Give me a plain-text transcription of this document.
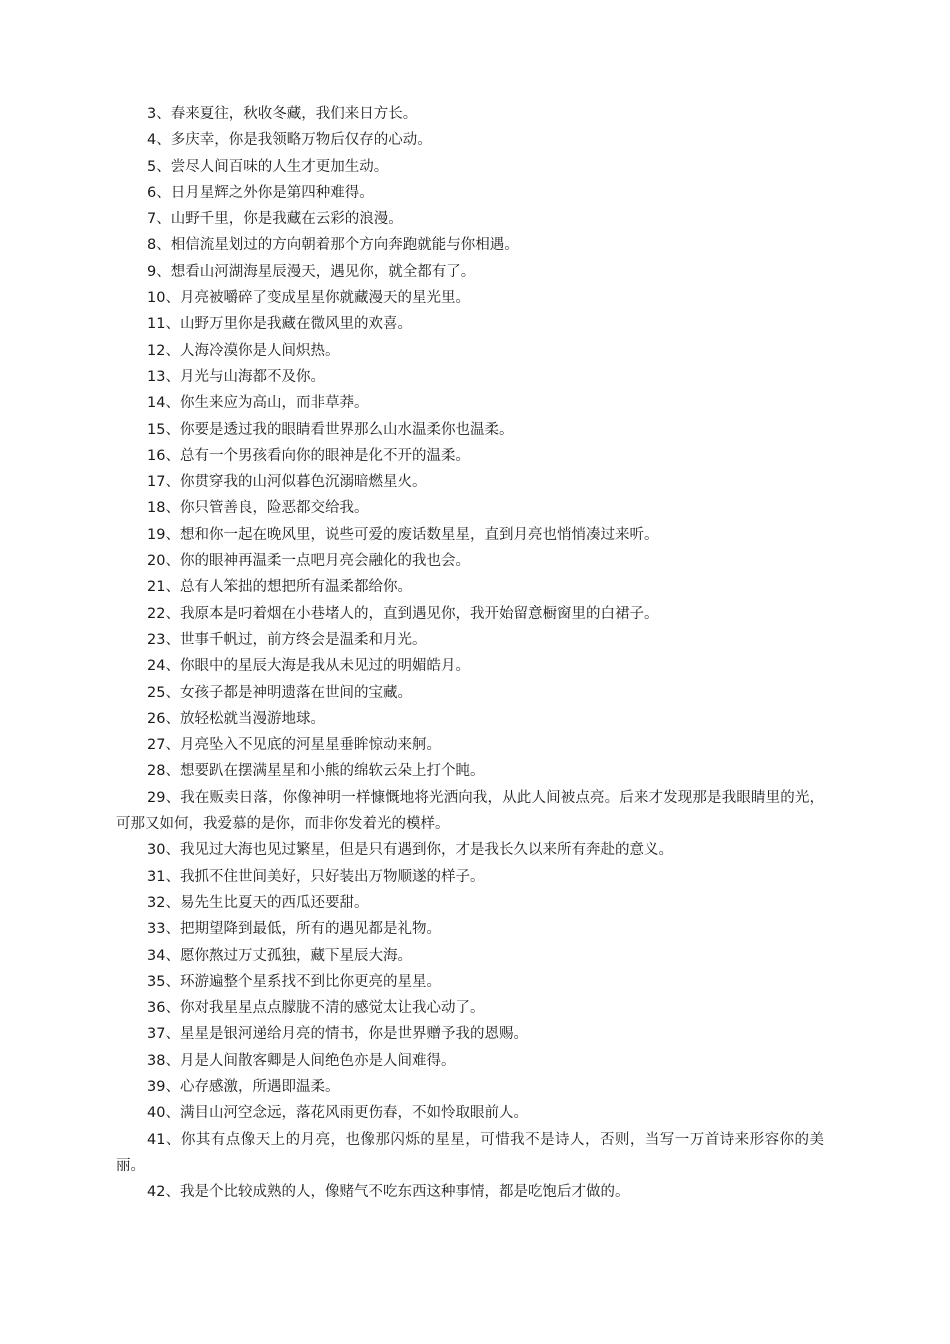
3、春来夏往，秋收冬藏，我们来日方长。

4、多庆幸，你是我领略万物后仅存的心动。

5、尝尽人间百味的人生才更加生动。

6、日月星辉之外你是第四种难得。

7、山野千里，你是我藏在云彩的浪漫。

8、相信流星划过的方向朝着那个方向奔跑就能与你相遇。

9、想看山河湖海星辰漫天，遇见你，就全都有了。

10、月亮被嚼碎了变成星星你就藏漫天的星光里。

11、山野万里你是我藏在微风里的欢喜。

12、人海冷漠你是人间炽热。

13、月光与山海都不及你。

14、你生来应为高山，而非草莽。

15、你要是透过我的眼睛看世界那么山水温柔你也温柔。

16、总有一个男孩看向你的眼神是化不开的温柔。

17、你贯穿我的山河似暮色沉溺暗燃星火。

18、你只管善良，险恶都交给我。

19、想和你一起在晚风里，说些可爱的废话数星星，直到月亮也悄悄凑过来听。

20、你的眼神再温柔一点吧月亮会融化的我也会。

21、总有人笨拙的想把所有温柔都给你。

22、我原本是叼着烟在小巷堵人的，直到遇见你，我开始留意橱窗里的白裙子。

23、世事千帆过，前方终会是温柔和月光。

24、你眼中的星辰大海是我从未见过的明媚皓月。

25、女孩子都是神明遗落在世间的宝藏。

26、放轻松就当漫游地球。

27、月亮坠入不见底的河星星垂眸惊动来舸。

28、想要趴在摆满星星和小熊的绵软云朵上打个盹。

29、我在贩卖日落，你像神明一样慷慨地将光洒向我，从此人间被点亮。后来才发现那是我眼睛里的光，可那又如何，我爱慕的是你，而非你发着光的模样。

30、我见过大海也见过繁星，但是只有遇到你，才是我长久以来所有奔赴的意义。

31、我抓不住世间美好，只好装出万物顺遂的样子。

32、易先生比夏天的西瓜还要甜。

33、把期望降到最低，所有的遇见都是礼物。

34、愿你熬过万丈孤独，藏下星辰大海。

35、环游遍整个星系找不到比你更亮的星星。

36、你对我星星点点朦胧不清的感觉太让我心动了。

37、星星是银河递给月亮的情书，你是世界赠予我的恩赐。

38、月是人间散客卿是人间绝色亦是人间难得。

39、心存感激，所遇即温柔。

40、满目山河空念远，落花风雨更伤春，不如怜取眼前人。

41、你其有点像天上的月亮，也像那闪烁的星星，可惜我不是诗人，否则，当写一万首诗来形容你的美丽。

42、我是个比较成熟的人，像赌气不吃东西这种事情，都是吃饱后才做的。
